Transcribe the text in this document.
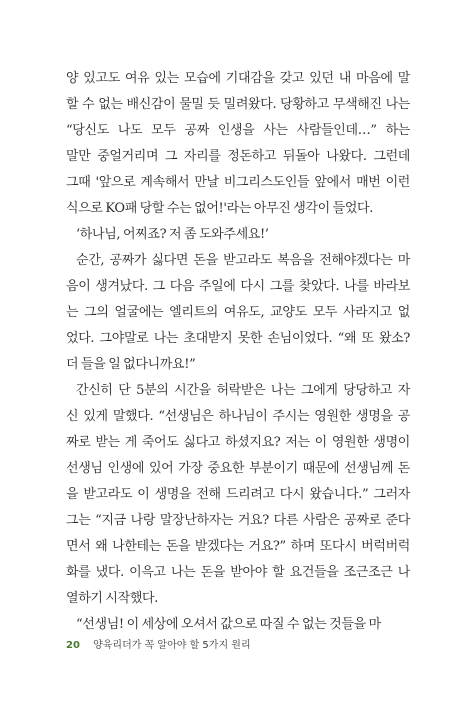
양 있고도 여유 있는 모습에 기대감을 갖고 있던 내 마음에 말
할 수 없는 배신감이 물밀 듯 밀려왔다. 당황하고 무색해진 나는
“당신도 나도 모두 공짜 인생을 사는 사람들인데…” 하는
말만 중얼거리며 그 자리를 정돈하고 뒤돌아 나왔다. 그런데
그때 '앞으로 계속해서 만날 비그리스도인들 앞에서 매번 이런
식으로 KO패 당할 수는 없어!'라는 아무진 생각이 들었다.
‘하나님, 어찌죠? 저 좀 도와주세요!’
순간, 공짜가 싫다면 돈을 받고라도 복음을 전해야겠다는 마
음이 생겨났다. 그 다음 주일에 다시 그를 찾았다. 나를 바라보
는 그의 얼굴에는 엘리트의 여유도, 교양도 모두 사라지고 없
었다. 그야말로 나는 초대받지 못한 손님이었다. “왜 또 왔소?
더 들을 일 없다니까요!”
간신히 단 5분의 시간을 허락받은 나는 그에게 당당하고 자
신 있게 말했다. “선생님은 하나님이 주시는 영원한 생명을 공
짜로 받는 게 죽어도 싫다고 하셨지요? 저는 이 영원한 생명이
선생님 인생에 있어 가장 중요한 부분이기 때문에 선생님께 돈
을 받고라도 이 생명을 전해 드리려고 다시 왔습니다.” 그러자
그는 “지금 나랑 말장난하자는 거요? 다른 사람은 공짜로 준다
면서 왜 나한테는 돈을 받겠다는 거요?” 하며 또다시 버럭버럭
화를 냈다. 이윽고 나는 돈을 받아야 할 요건들을 조근조근 나
열하기 시작했다.
“선생님! 이 세상에 오셔서 값으로 따질 수 없는 것들을 마
20 양육리더가 꼭 알아야 할 5가지 원리
